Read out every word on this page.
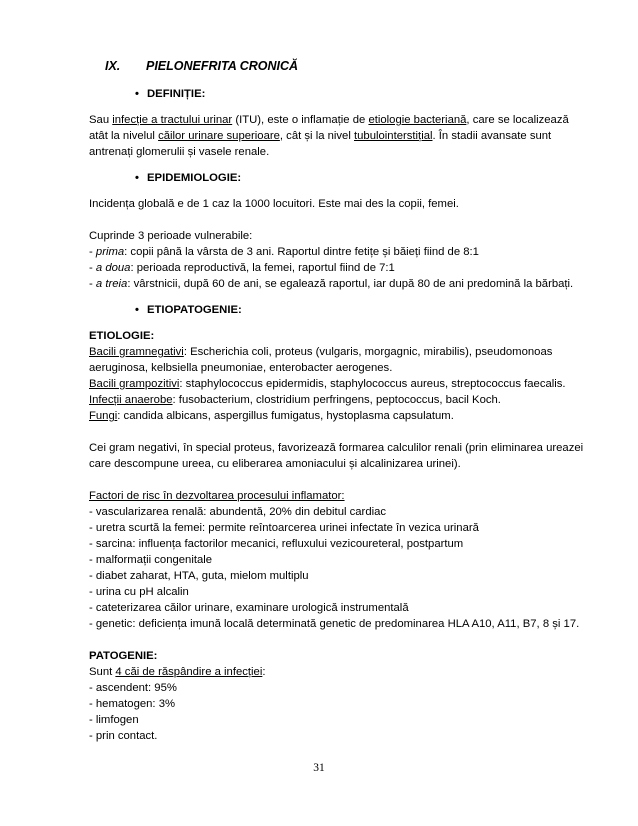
IX. PIELONEFRITA CRONICĂ
• DEFINIȚIE:

Sau infecție a tractului urinar (ITU), este o inflamație de etiologie bacteriană, care se localizează
atât la nivelul căilor urinare superioare, cât și la nivel tubulointerstițial. În stadii avansate sunt
antrenați glomerulii și vasele renale.

• EPIDEMIOLOGIE:

Incidența globală e de 1 caz la 1000 locuitori. Este mai des la copii, femei.

Cuprinde 3 perioade vulnerabile:
- prima: copii până la vârsta de 3 ani. Raportul dintre fetițe și băieți fiind de 8:1
- a doua: perioada reproductivă, la femei, raportul fiind de 7:1
- a treia: vârstnicii, după 60 de ani, se egalează raportul, iar după 80 de ani predomină la bărbați.

• ETIOPATOGENIE:

ETIOLOGIE:
Bacili gramnegativi: Escherichia coli, proteus (vulgaris, morgagnic, mirabilis), pseudomonoas
aeruginosa, kelbsiella pneumoniae, enterobacter aerogenes.
Bacili grampozitivi: staphylococcus epidermidis, staphylococcus aureus, streptococcus faecalis.
Infecții anaerobe: fusobacterium, clostridium perfringens, peptococcus, bacil Koch.
Fungi: candida albicans, aspergillus fumigatus, hystoplasma capsulatum.

Cei gram negativi, în special proteus, favorizează formarea calculilor renali (prin eliminarea ureazei
care descompune ureea, cu eliberarea amoniacului și alcalinizarea urinei).

Factori de risc în dezvoltarea procesului inflamator:
- vascularizarea renală: abundentă, 20% din debitul cardiac
- uretra scurtă la femei: permite reîntoarcerea urinei infectate în vezica urinară
- sarcina: influența factorilor mecanici, refluxului vezicoureteral, postpartum
- malformații congenitale
- diabet zaharat, HTA, guta, mielom multiplu
- urina cu pH alcalin
- cateterizarea căilor urinare, examinare urologică instrumentală
- genetic: deficiența imună locală determinată genetic de predominarea HLA A10, A11, B7, 8 și 17.
PATOGENIE:
Sunt 4 căi de răspândire a infecției:
- ascendent: 95%
- hematogen: 3%
- limfogen
- prin contact.
31
